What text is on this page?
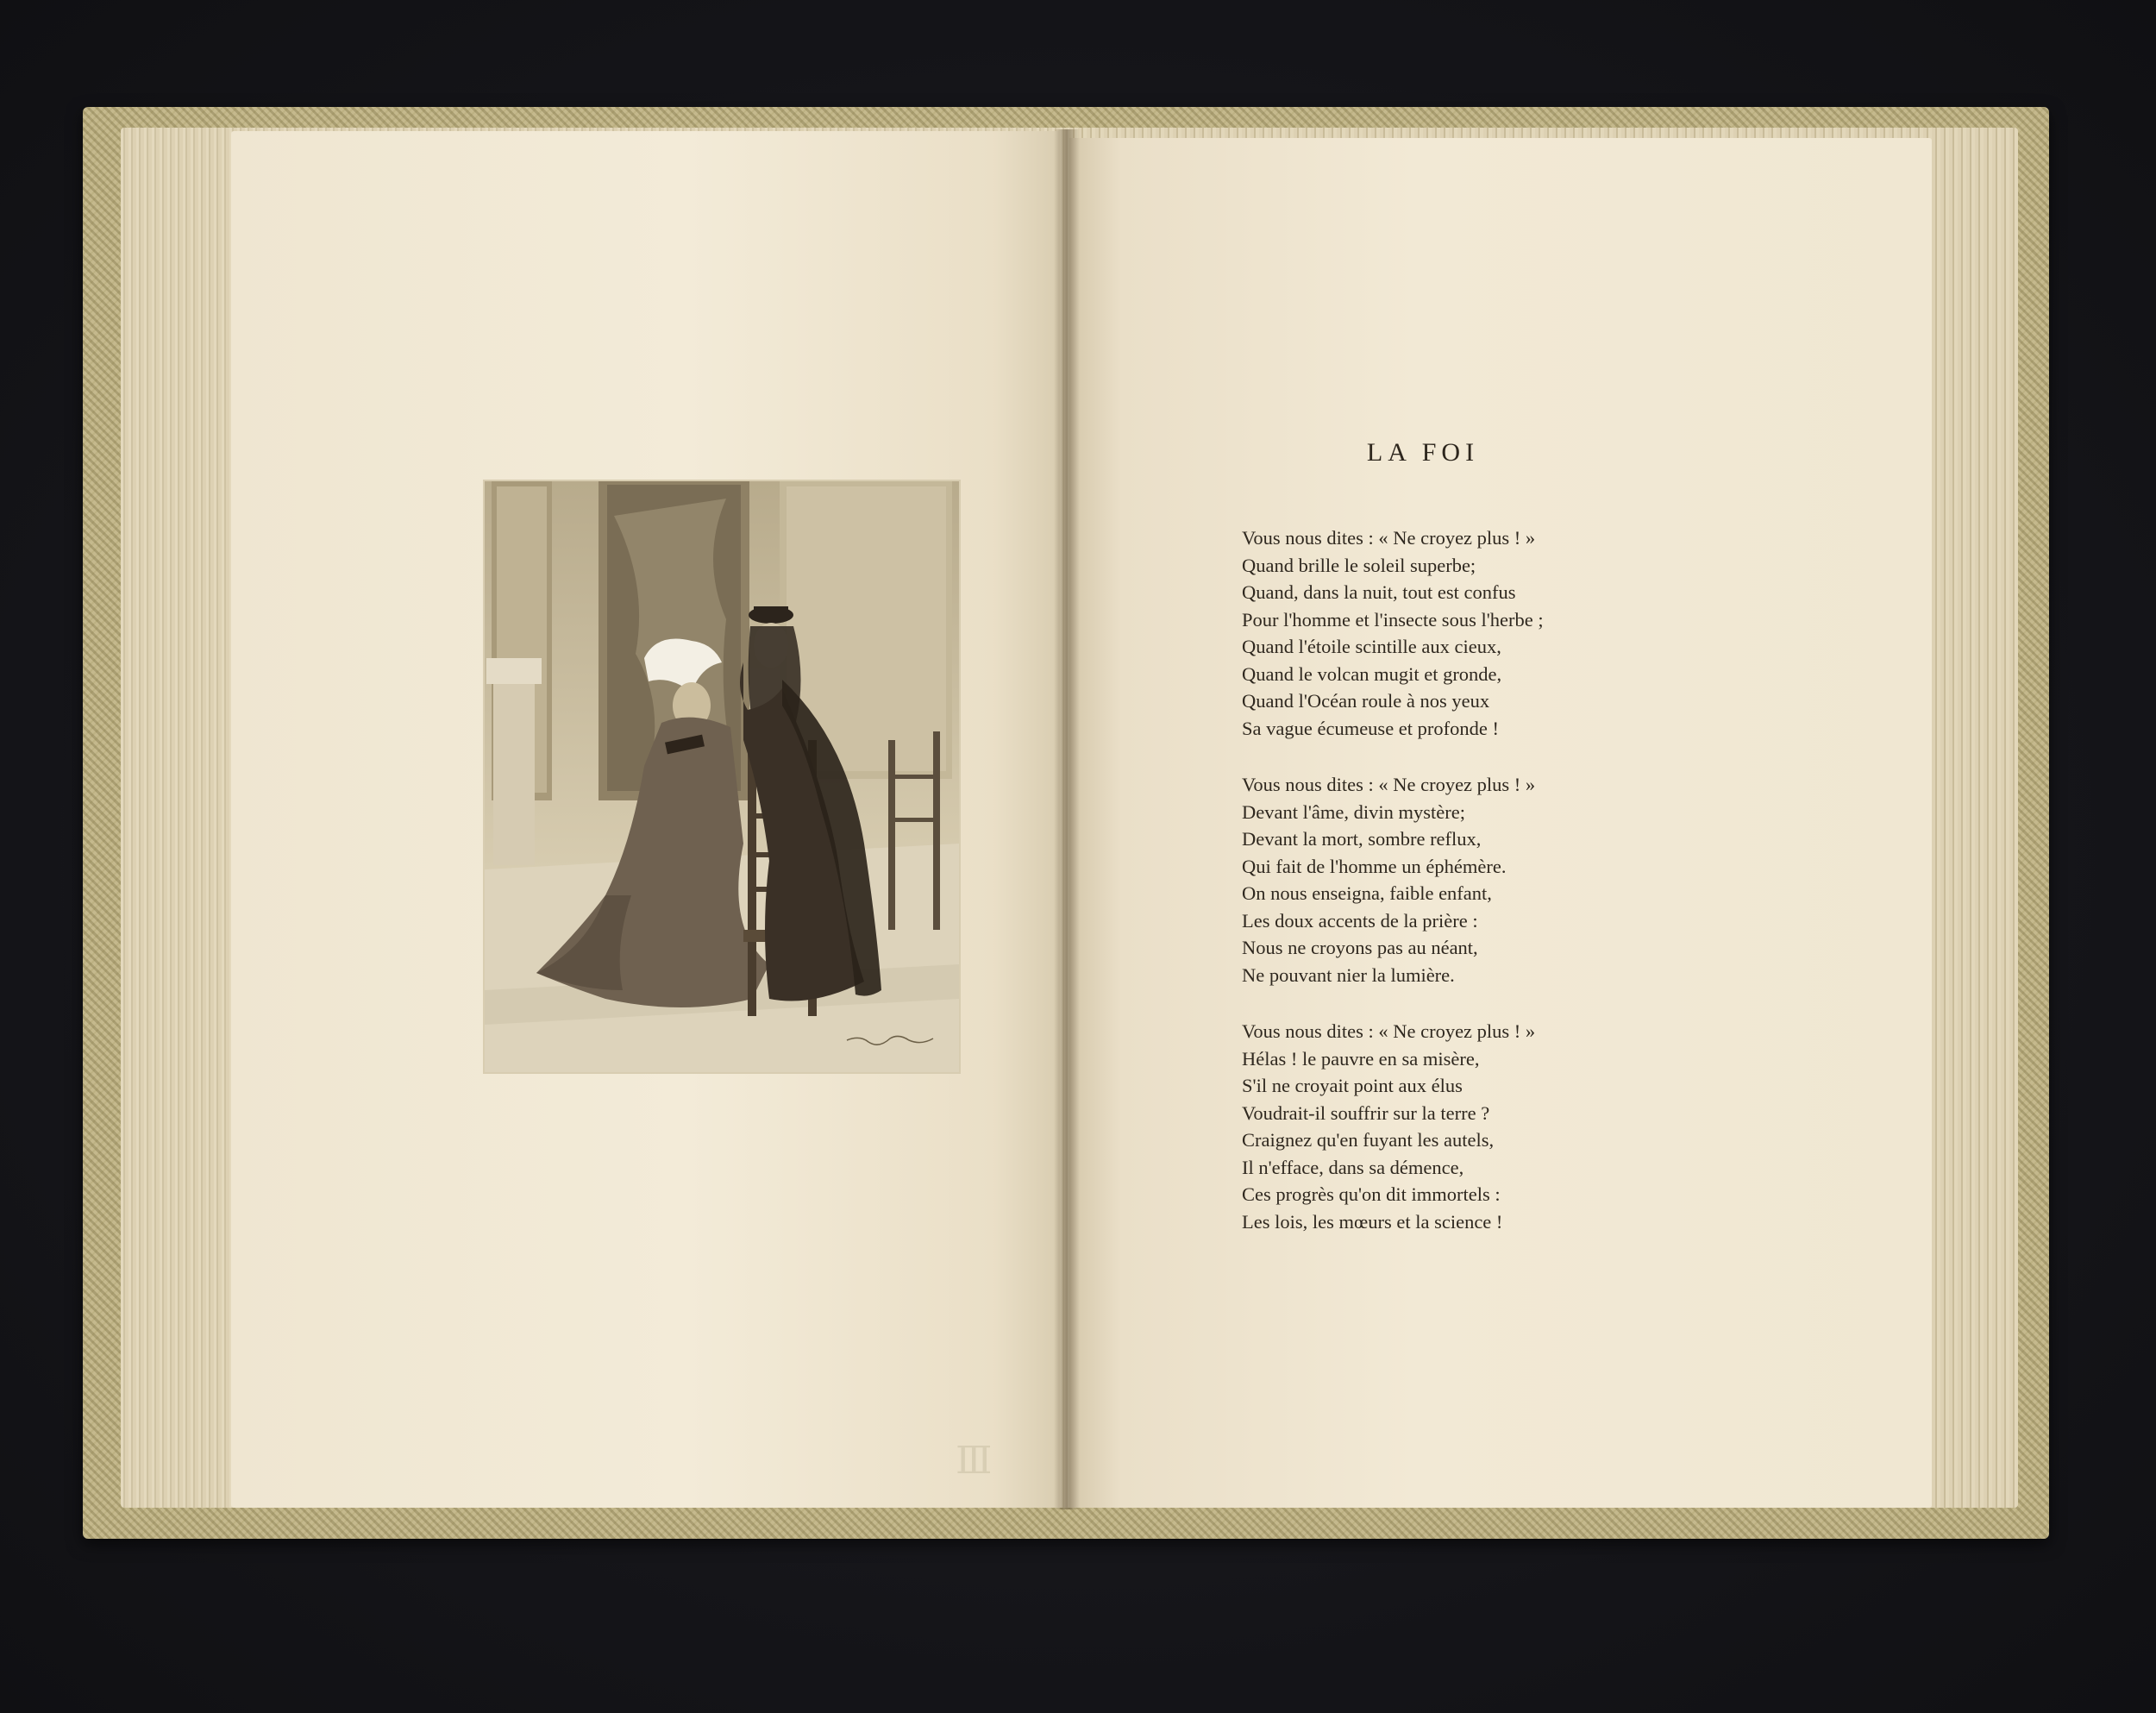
Ⅲ
LA FOI
Vous nous dites : « Ne croyez plus ! »
Quand brille le soleil superbe;
Quand, dans la nuit, tout est confus
Pour l'homme et l'insecte sous l'herbe ;
Quand l'étoile scintille aux cieux,
Quand le volcan mugit et gronde,
Quand l'Océan roule à nos yeux
Sa vague écumeuse et profonde !
Vous nous dites : « Ne croyez plus ! »
Devant l'âme, divin mystère;
Devant la mort, sombre reflux,
Qui fait de l'homme un éphémère.
On nous enseigna, faible enfant,
Les doux accents de la prière :
Nous ne croyons pas au néant,
Ne pouvant nier la lumière.
Vous nous dites : « Ne croyez plus ! »
Hélas ! le pauvre en sa misère,
S'il ne croyait point aux élus
Voudrait-il souffrir sur la terre ?
Craignez qu'en fuyant les autels,
Il n'efface, dans sa démence,
Ces progrès qu'on dit immortels :
Les lois, les mœurs et la science !
